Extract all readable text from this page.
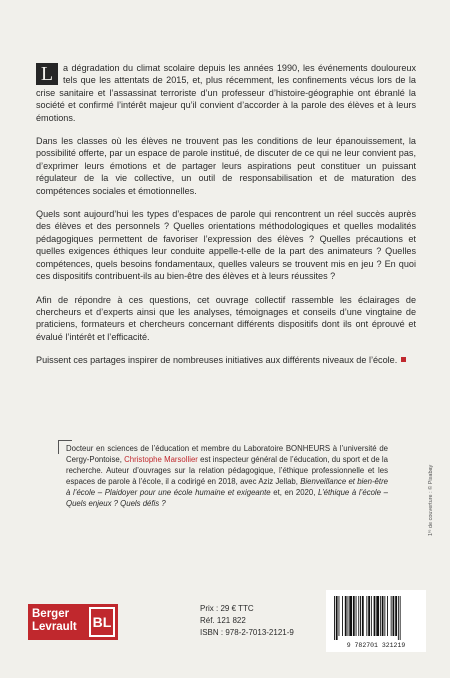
L	a dégradation du climat scolaire depuis les années 1990, les événements douloureux tels que les attentats de 2015, et, plus récemment, les confinements vécus lors de la crise sanitaire et l’assassinat terroriste d’un professeur d’histoire-géographie ont ébranlé la société et confirmé l’intérêt majeur qu’il convient d’accorder à la parole des élèves et à leurs émotions.

Dans les classes où les élèves ne trouvent pas les conditions de leur épanouissement, la possibilité offerte, par un espace de parole institué, de discuter de ce qui ne leur convient pas, d’exprimer leurs émotions et de partager leurs aspirations peut constituer un puissant régulateur de la vie collective, un outil de responsabilisation et de maturation des compétences sociales et émotionnelles.

Quels sont aujourd’hui les types d’espaces de parole qui rencontrent un réel succès auprès des élèves et des personnels ? Quelles orientations méthodologiques et quelles modalités pédagogiques permettent de favoriser l’expression des élèves ? Quelles précautions et quelles exigences éthiques leur conduite appelle-t-elle de la part des animateurs ? Quelles compétences, quels besoins fondamentaux, quelles valeurs se trouvent mis en jeu ? En quoi ces dispositifs contribuent-ils au bien-être des élèves et à leurs réussites ?

Afin de répondre à ces questions, cet ouvrage collectif rassemble les éclairages de chercheurs et d’experts ainsi que les analyses, témoignages et conseils d’une vingtaine de praticiens, formateurs et chercheurs concernant différents dispositifs dont ils ont éprouvé et évalué l’intérêt et l’efficacité.

Puissent ces partages inspirer de nombreuses initiatives aux différents niveaux de l’école.

Docteur en sciences de l’éducation et membre du Laboratoire BONHEURS à l’université de Cergy-Pontoise, Christophe Marsollier est inspecteur général de l’éducation, du sport et de la recherche. Auteur d’ouvrages sur la relation pédagogique, l’éthique professionnelle et les espaces de parole à l’école, il a codirigé en 2018, avec Aziz Jellab, Bienveillance et bien-être à l’école – Plaidoyer pour une école humaine et exigeante et, en 2020, L’éthique à l’école – Quels enjeux ? Quels défis ?	1ʳᵉ de couverture : © Pixabay
Berger
Levrault BL
Prix : 29 € TTC
Réf. 121 822
ISBN : 978-2-7013-2121-9
9 782701 321219
